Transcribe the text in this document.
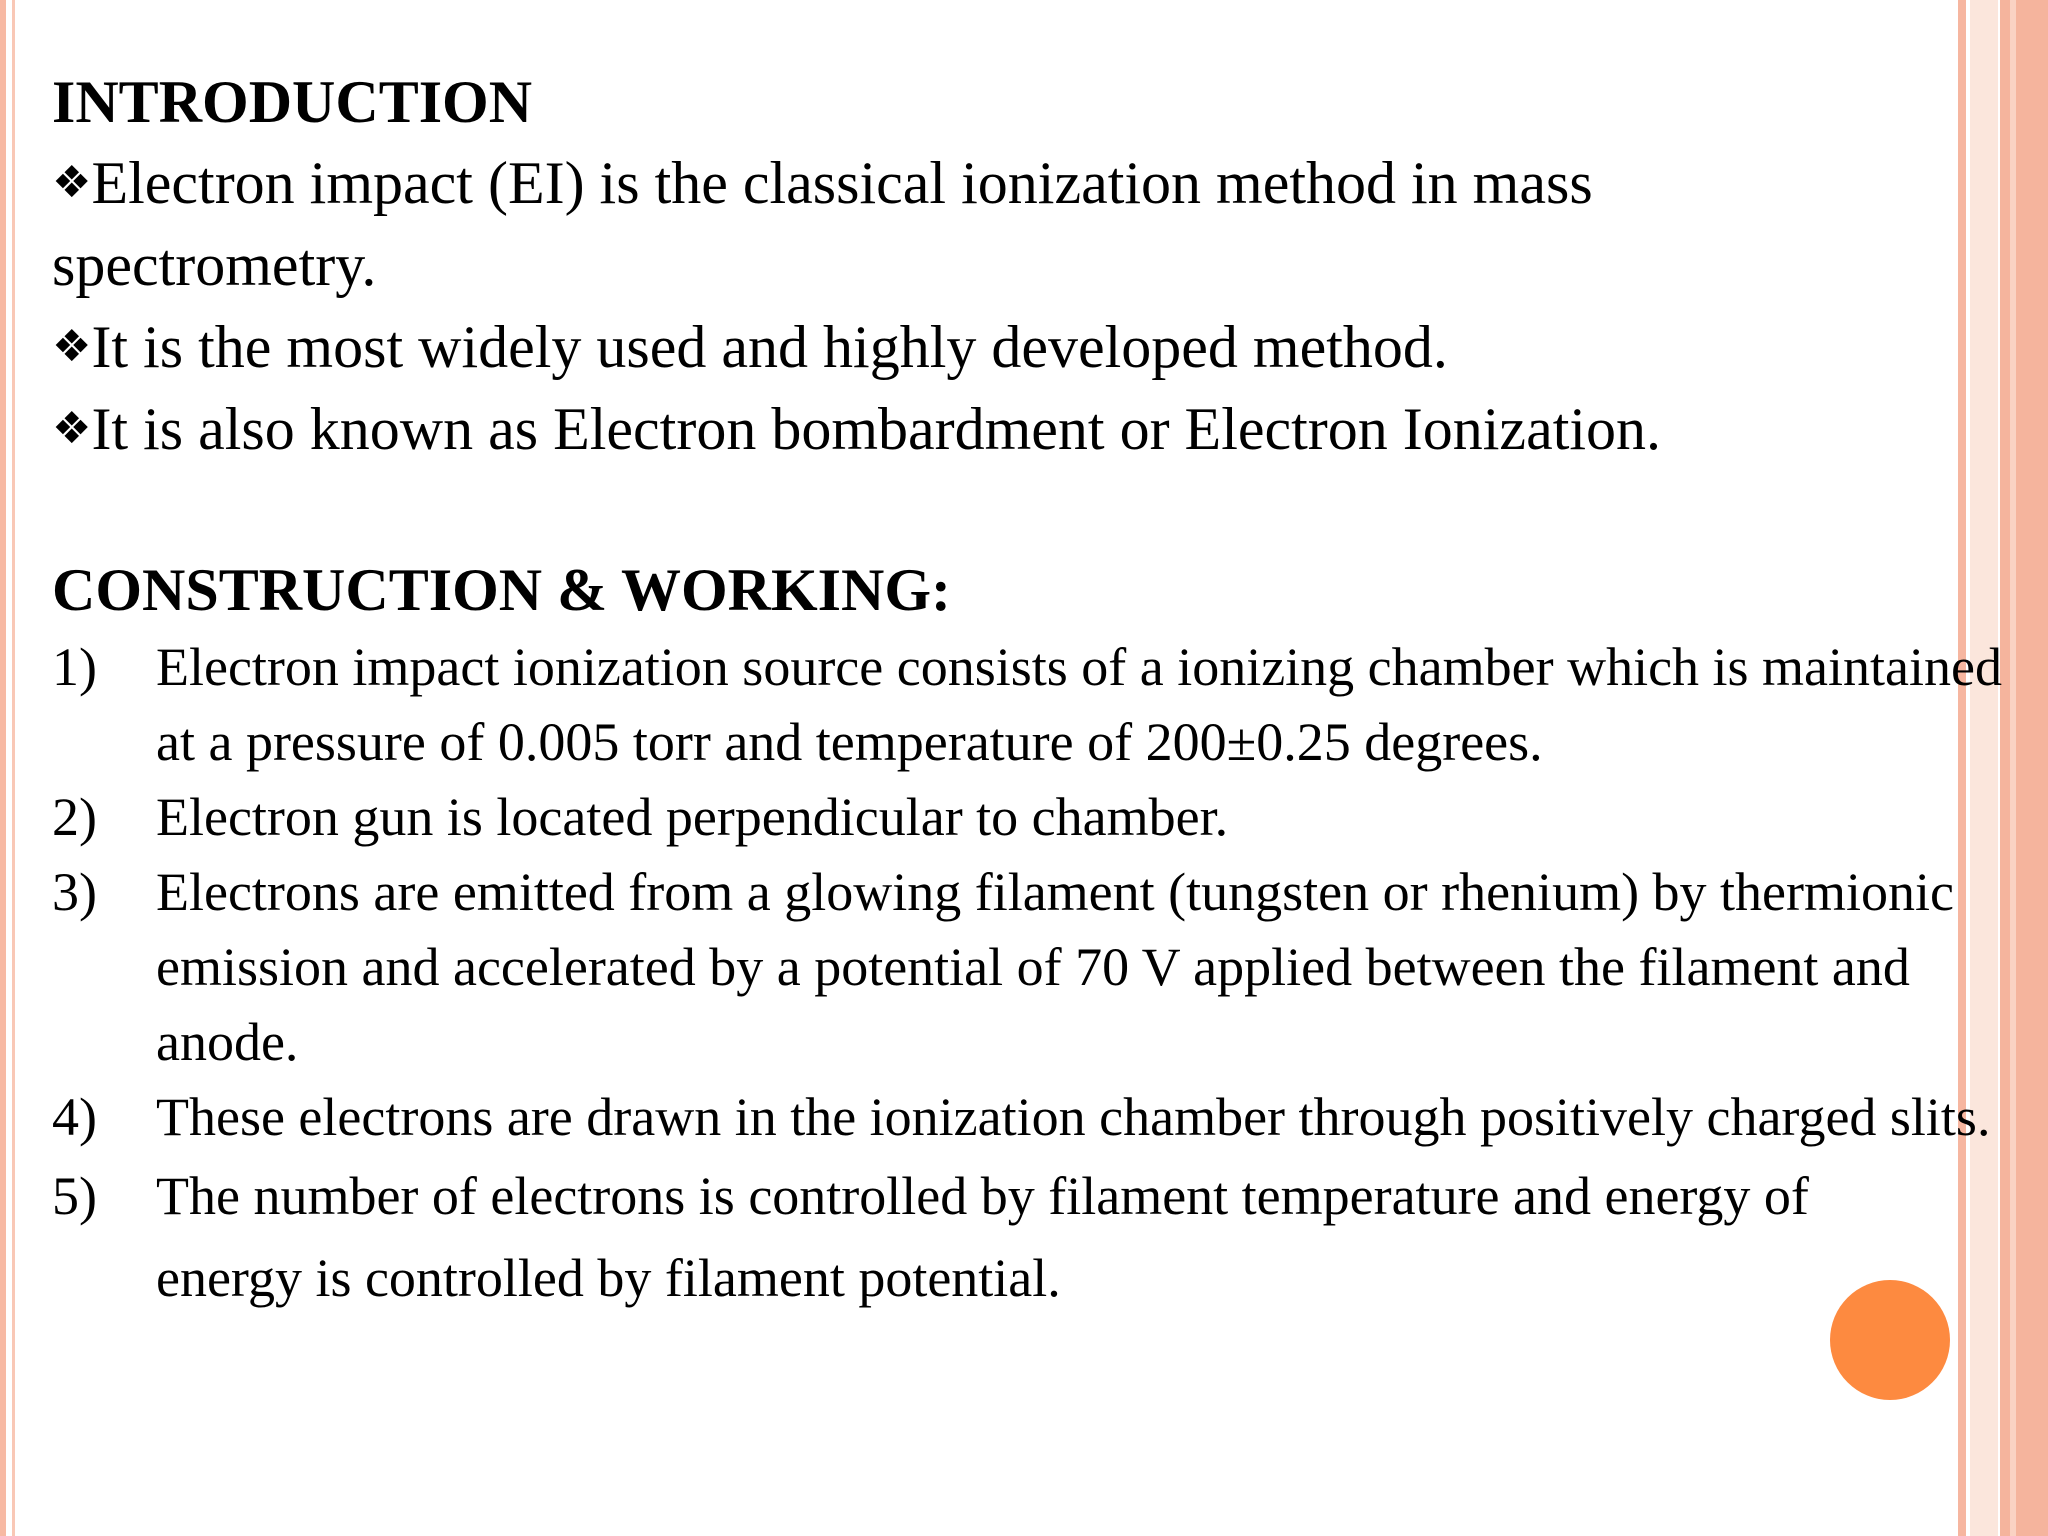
INTRODUCTION

❖Electron impact (EI) is the classical ionization method in mass spectrometry.

❖It is the most widely used and highly developed method.

❖It is also known as Electron bombardment or Electron Ionization.

CONSTRUCTION & WORKING:
1) Electron impact ionization source consists of a ionizing chamber which is maintained at a pressure of 0.005 torr and temperature of 200±0.25 degrees.
2) Electron gun is located perpendicular to chamber.
3) Electrons are emitted from a glowing filament (tungsten or rhenium) by thermionic emission and accelerated by a potential of 70 V applied between the filament and anode.
4) These electrons are drawn in the ionization chamber through positively charged slits.
5) The number of electrons is controlled by filament temperature and energy of energy is controlled by filament potential.
